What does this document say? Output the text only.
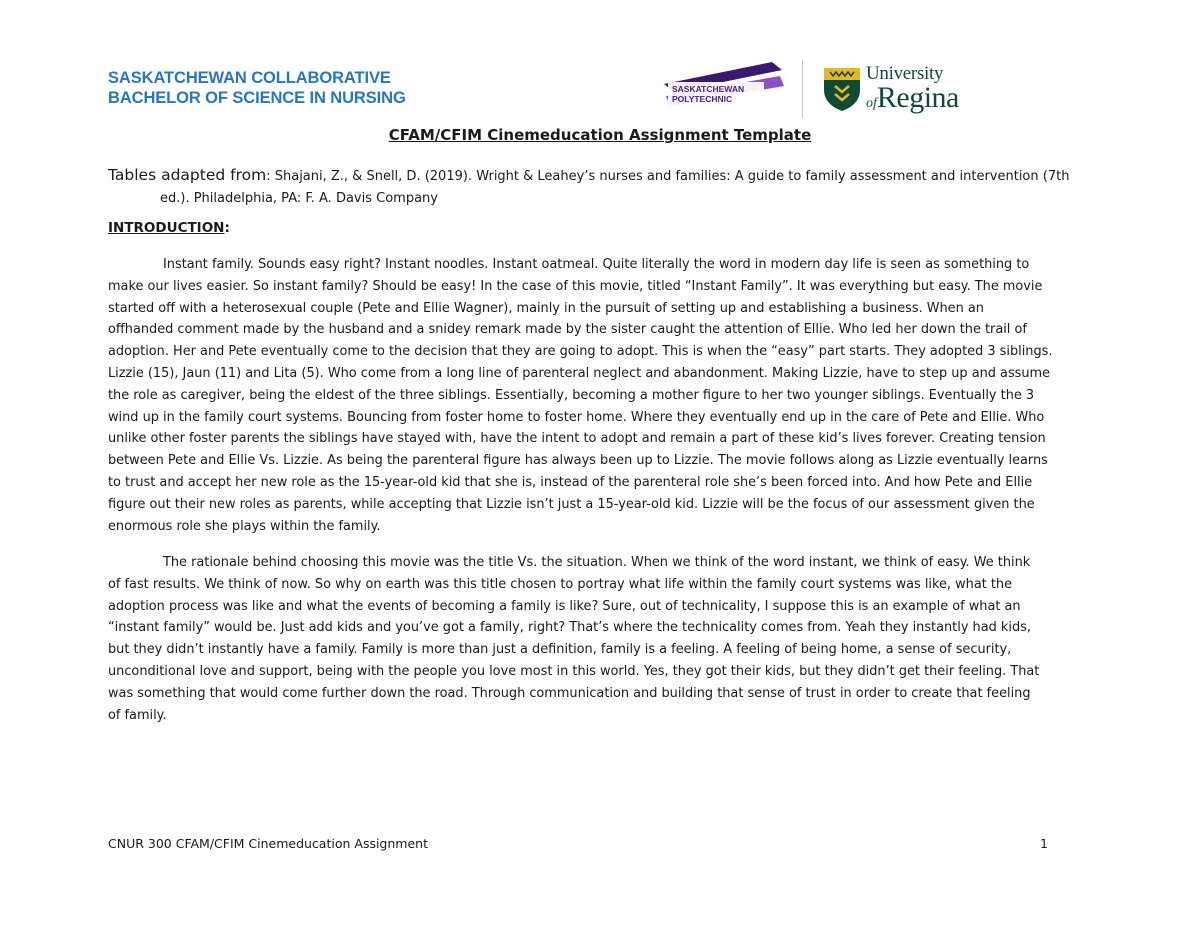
SASKATCHEWAN COLLABORATIVE
BACHELOR OF SCIENCE IN NURSING	SASKATCHEWAN
POLYTECHNIC
University
ofRegina
CFAM/CFIM Cinemeducation Assignment Template
Tables adapted from: Shajani, Z., & Snell, D. (2019). Wright & Leahey’s nurses and families: A guide to family assessment and intervention (7th
ed.). Philadelphia, PA: F. A. Davis Company
INTRODUCTION:
Instant family. Sounds easy right? Instant noodles. Instant oatmeal. Quite literally the word in modern day life is seen as something to
make our lives easier. So instant family? Should be easy! In the case of this movie, titled “Instant Family”. It was everything but easy. The movie
started off with a heterosexual couple (Pete and Ellie Wagner), mainly in the pursuit of setting up and establishing a business. When an
offhanded comment made by the husband and a snidey remark made by the sister caught the attention of Ellie. Who led her down the trail of
adoption. Her and Pete eventually come to the decision that they are going to adopt. This is when the “easy” part starts. They adopted 3 siblings.
Lizzie (15), Jaun (11) and Lita (5). Who come from a long line of parenteral neglect and abandonment. Making Lizzie, have to step up and assume
the role as caregiver, being the eldest of the three siblings. Essentially, becoming a mother figure to her two younger siblings. Eventually the 3
wind up in the family court systems. Bouncing from foster home to foster home. Where they eventually end up in the care of Pete and Ellie. Who
unlike other foster parents the siblings have stayed with, have the intent to adopt and remain a part of these kid’s lives forever. Creating tension
between Pete and Ellie Vs. Lizzie. As being the parenteral figure has always been up to Lizzie. The movie follows along as Lizzie eventually learns
to trust and accept her new role as the 15-year-old kid that she is, instead of the parenteral role she’s been forced into. And how Pete and Ellie
figure out their new roles as parents, while accepting that Lizzie isn’t just a 15-year-old kid. Lizzie will be the focus of our assessment given the
enormous role she plays within the family.
The rationale behind choosing this movie was the title Vs. the situation. When we think of the word instant, we think of easy. We think
of fast results. We think of now. So why on earth was this title chosen to portray what life within the family court systems was like, what the
adoption process was like and what the events of becoming a family is like? Sure, out of technicality, I suppose this is an example of what an
“instant family” would be. Just add kids and you’ve got a family, right? That’s where the technicality comes from. Yeah they instantly had kids,
but they didn’t instantly have a family. Family is more than just a definition, family is a feeling. A feeling of being home, a sense of security,
unconditional love and support, being with the people you love most in this world. Yes, they got their kids, but they didn’t get their feeling. That
was something that would come further down the road. Through communication and building that sense of trust in order to create that feeling
of family.
CNUR 300 CFAM/CFIM Cinemeducation Assignment	1
